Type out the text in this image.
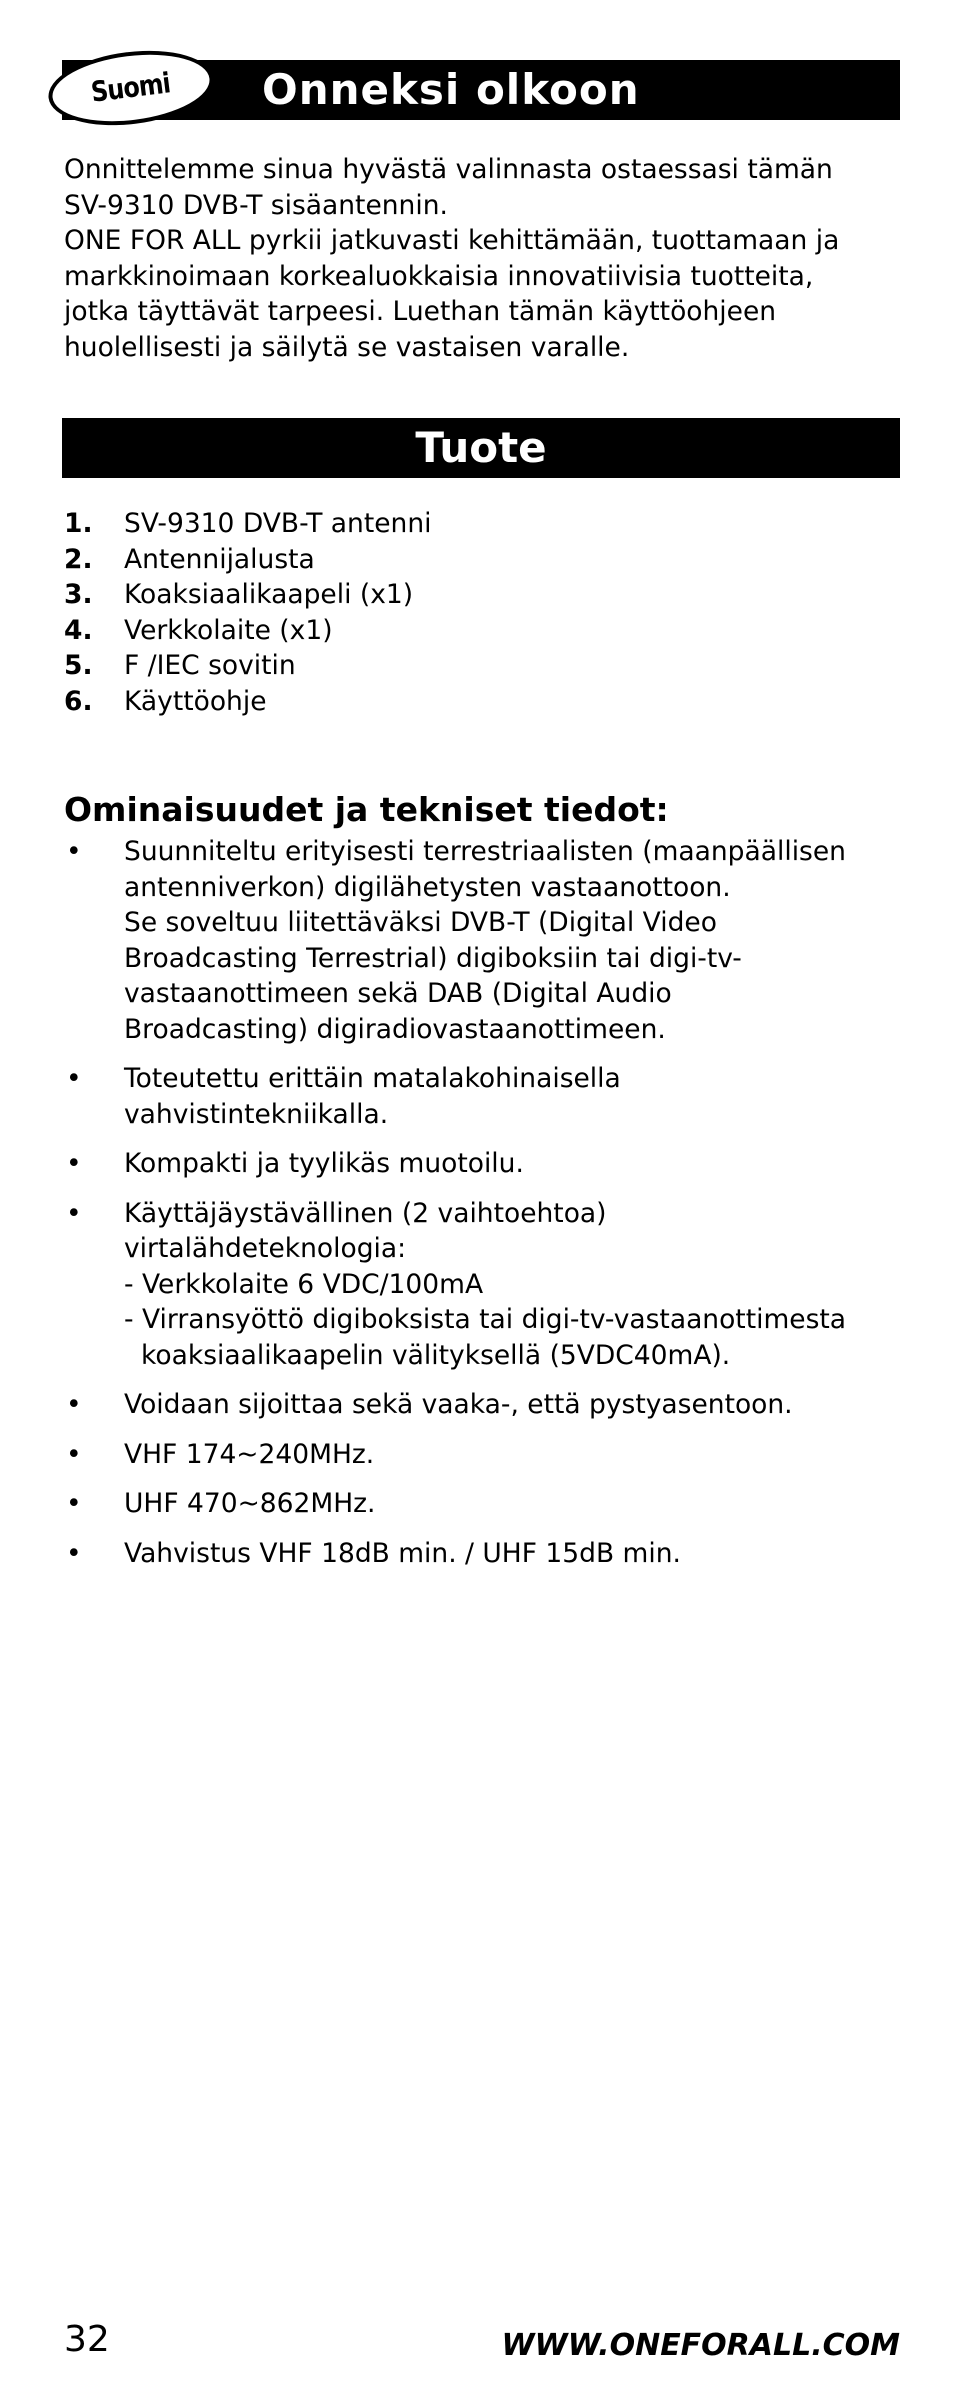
Suomi Onneksi olkoon

Onnittelemme sinua hyvästä valinnasta ostaessasi tämän

SV-9310 DVB-T sisäantennin.

ONE FOR ALL pyrkii jatkuvasti kehittämään, tuottamaan ja

markkinoimaan korkealuokkaisia innovatiivisia tuotteita,

jotka täyttävät tarpeesi. Luethan tämän käyttöohjeen

huolellisesti ja säilytä se vastaisen varalle.

Tuote
1. SV-9310 DVB-T antenni
2. Antennijalusta
3. Koaksiaalikaapeli (x1)
4. Verkkolaite (x1)
5. F /IEC sovitin
6. Käyttöohje
Ominaisuudet ja tekniset tiedot:
• Suunniteltu erityisesti terrestriaalisten (maanpäällisen
antenniverkon) digilähetysten vastaanottoon.
Se soveltuu liitettäväksi DVB-T (Digital Video
Broadcasting Terrestrial) digiboksiin tai digi-tv-
vastaanottimeen sekä DAB (Digital Audio
Broadcasting) digiradiovastaanottimeen.
• Toteutettu erittäin matalakohinaisella
vahvistintekniikalla.
• Kompakti ja tyylikäs muotoilu.
• Käyttäjäystävällinen (2 vaihtoehtoa)
virtalähdeteknologia:
- Verkkolaite 6 VDC/100mA
- Virransyöttö digiboksista tai digi-tv-vastaanottimesta
koaksiaalikaapelin välityksellä (5VDC40mA).
• Voidaan sijoittaa sekä vaaka-, että pystyasentoon.
• VHF 174~240MHz.
• UHF 470~862MHz.
• Vahvistus VHF 18dB min. / UHF 15dB min.
32	WWW.ONEFORALL.COM
